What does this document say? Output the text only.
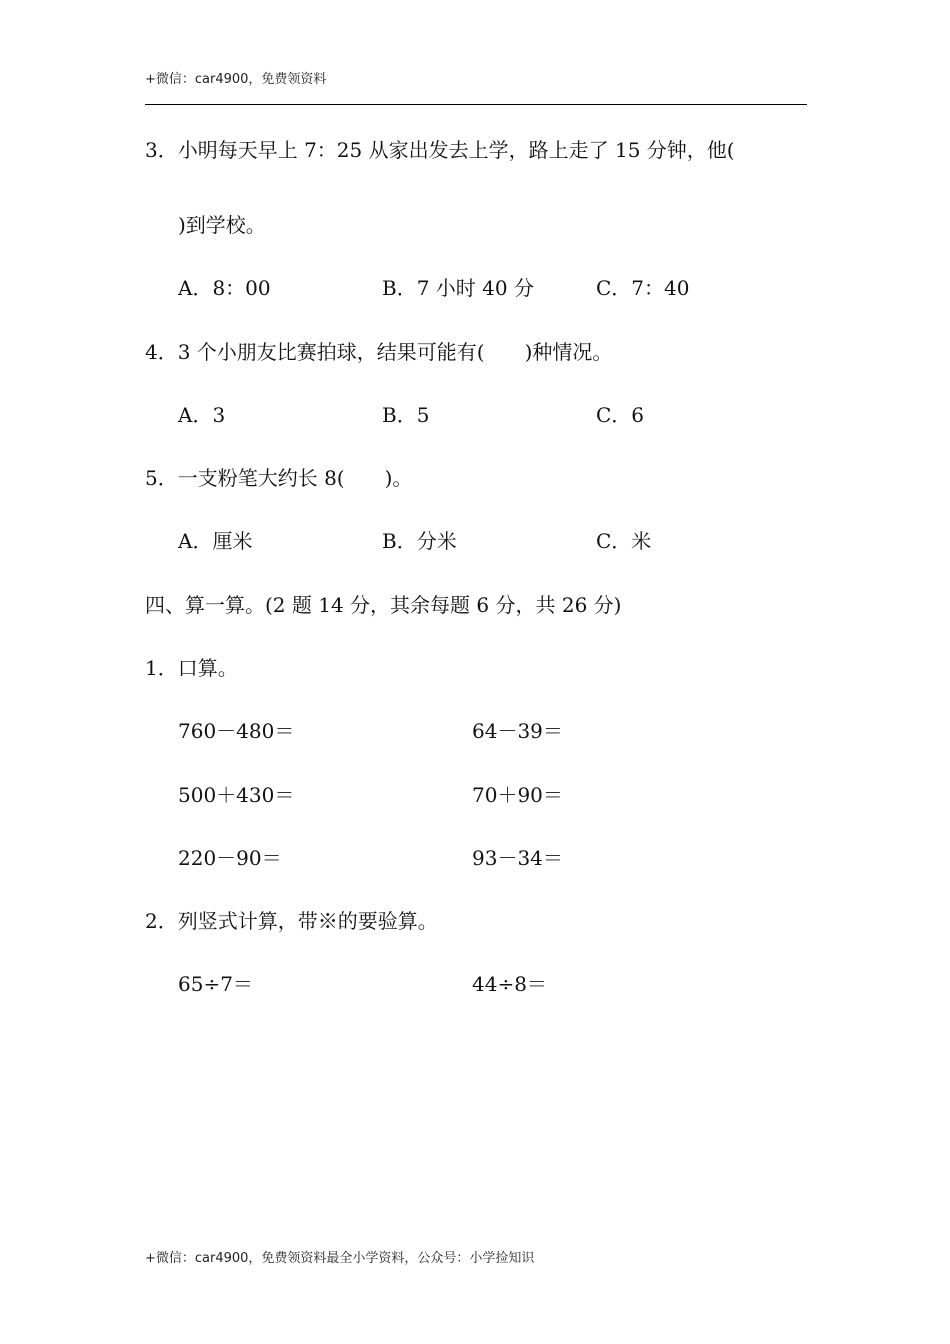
+微信：car4900，免费领资料
3．小明每天早上 7：25 从家出发去上学，路上走了 15 分钟，他(
)到学校。
A．8：00	B．7 小时 40 分	C．7：40
4．3 个小朋友比赛拍球，结果可能有(　　)种情况。
A．3	B．5	C．6
5．一支粉笔大约长 8(　　)。
A．厘米	B．分米	C．米
四、算一算。(2 题 14 分，其余每题 6 分，共 26 分)
1．口算。
760－480＝	64－39＝
500＋430＝	70＋90＝
220－90＝	93－34＝
2．列竖式计算，带※的要验算。
65÷7＝	44÷8＝
+微信：car4900，免费领资料最全小学资料，公众号：小学捡知识
